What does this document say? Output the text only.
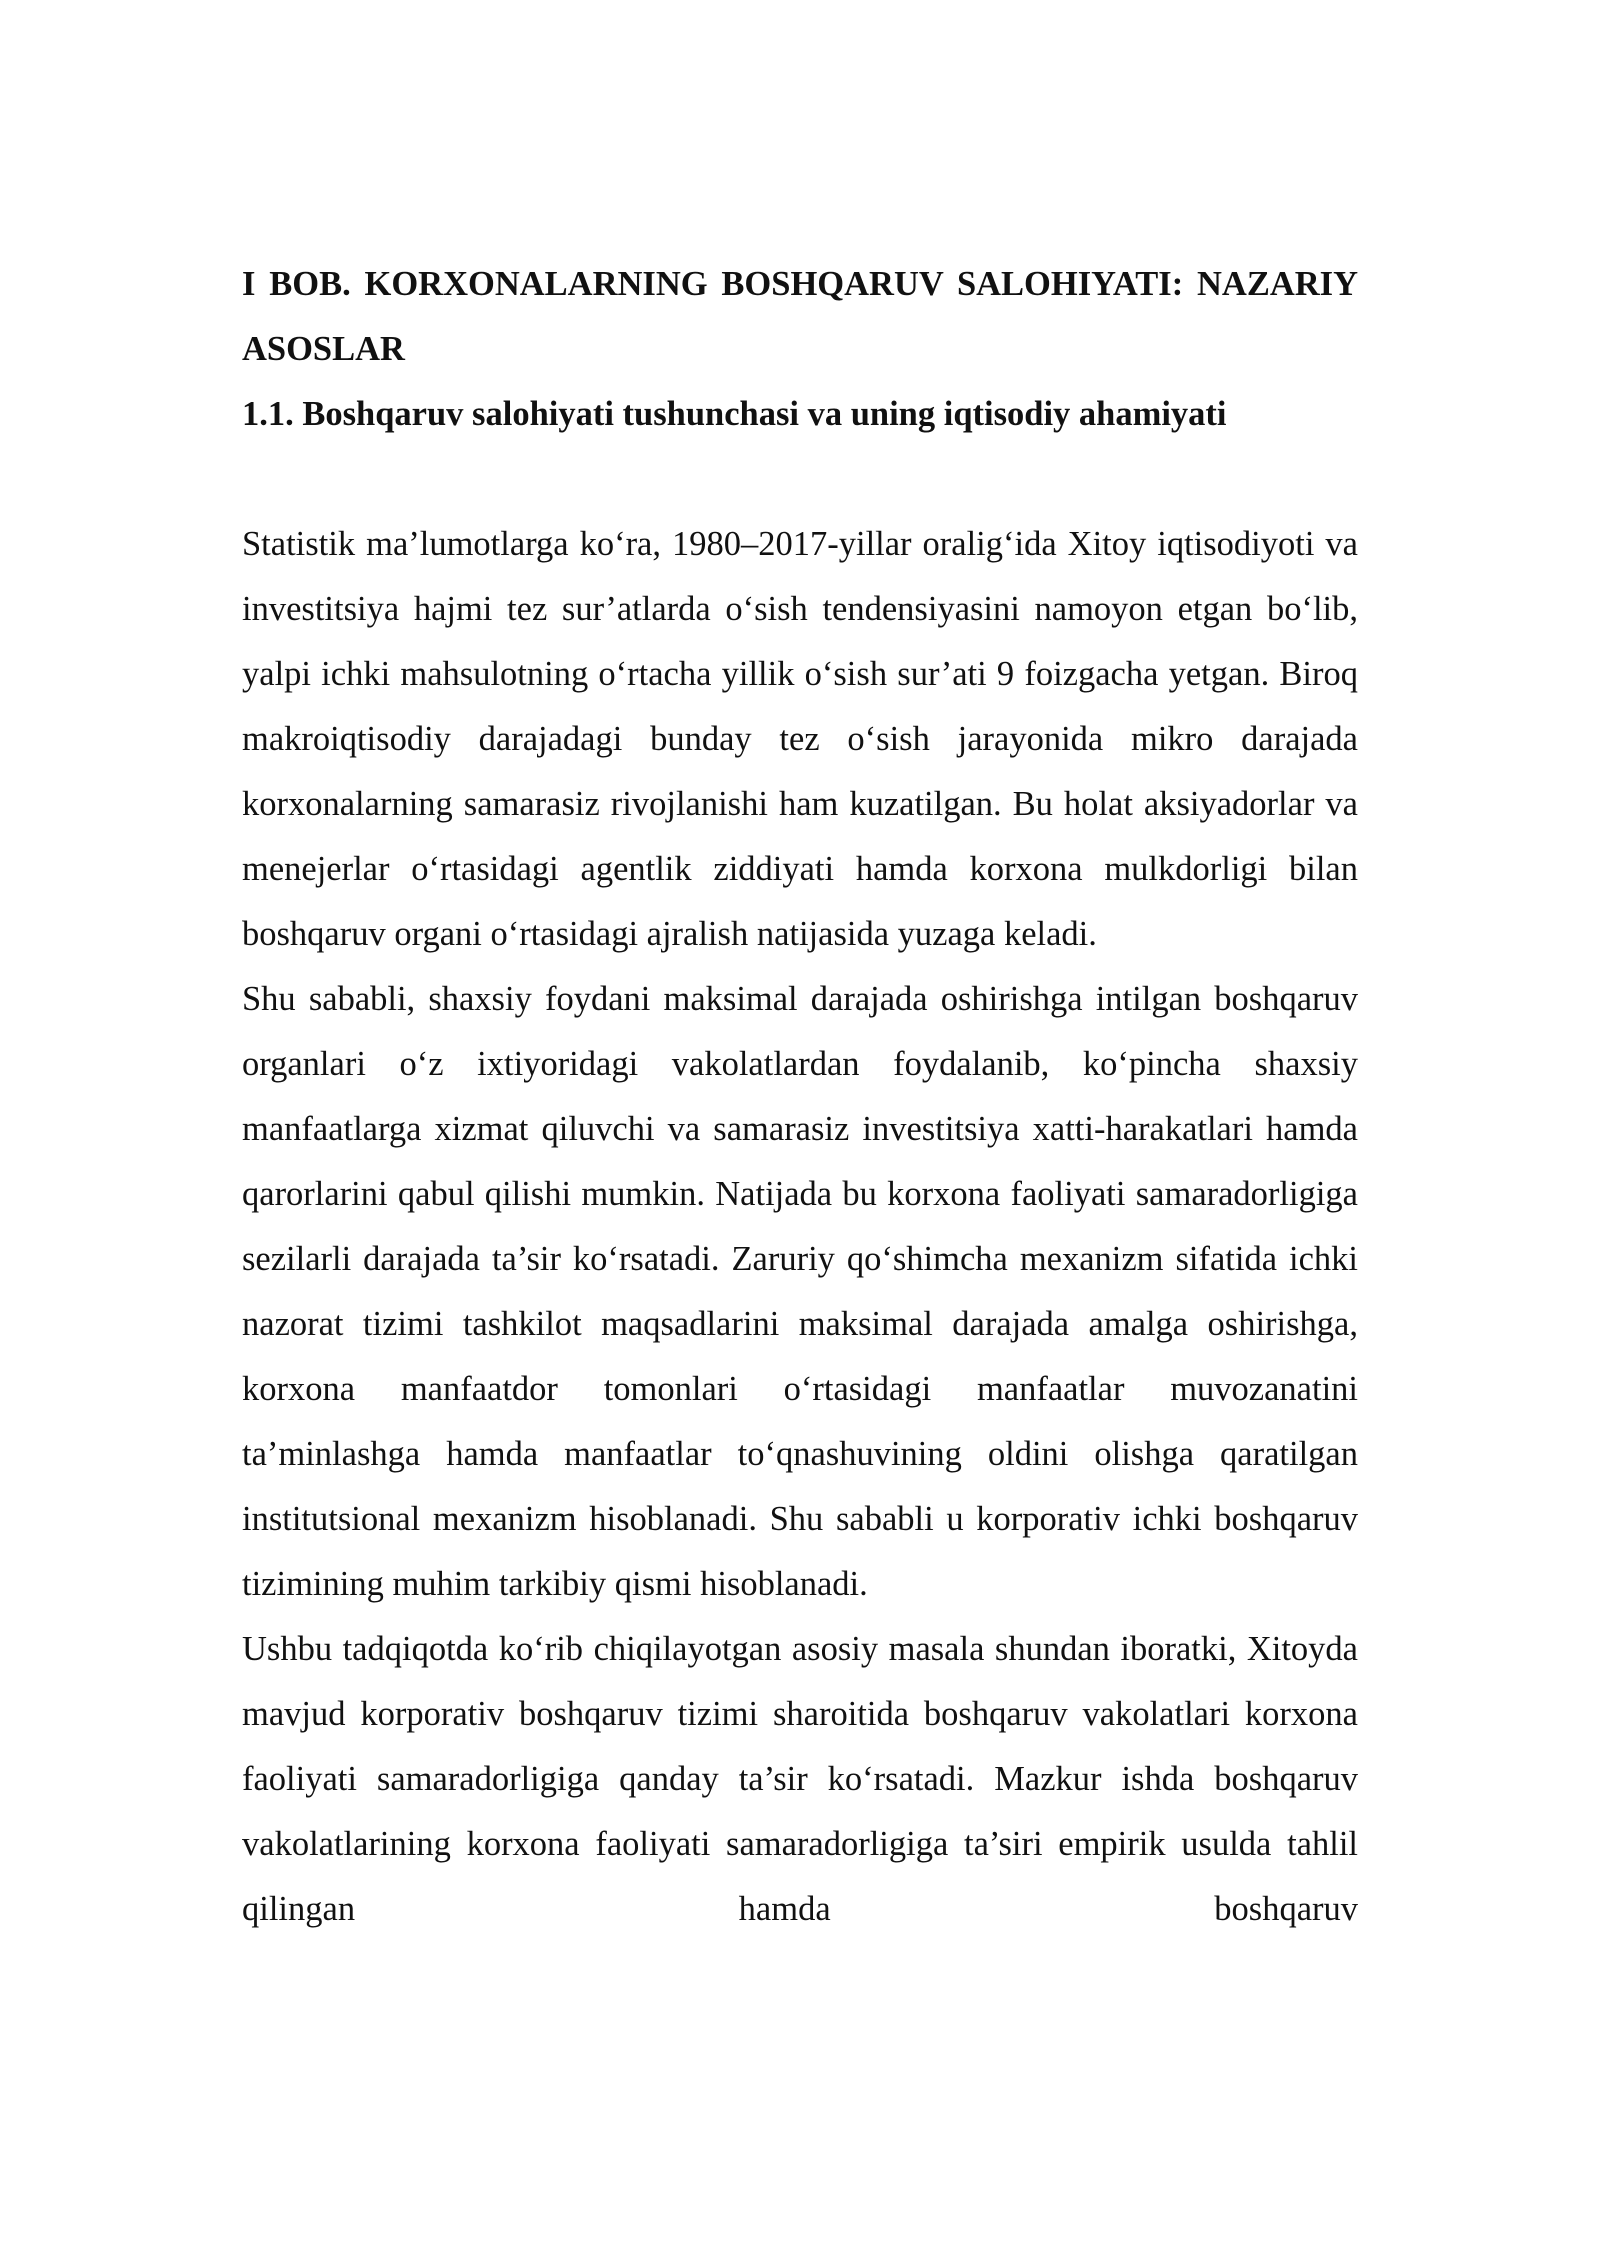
I BOB. KORXONALARNING BOSHQARUV SALOHIYATI: NAZARIY ASOSLAR
1.1. Boshqaruv salohiyati tushunchasi va uning iqtisodiy ahamiyati

Statistik ma’lumotlarga ko‘ra, 1980–2017-yillar oralig‘ida Xitoy iqtisodiyoti va investitsiya hajmi tez sur’atlarda o‘sish tendensiyasini namoyon etgan bo‘lib, yalpi ichki mahsulotning o‘rtacha yillik o‘sish sur’ati 9 foizgacha yetgan. Biroq makroiqtisodiy darajadagi bunday tez o‘sish jarayonida mikro darajada korxonalarning samarasiz rivojlanishi ham kuzatilgan. Bu holat aksiyadorlar va menejerlar o‘rtasidagi agentlik ziddiyati hamda korxona mulkdorligi bilan boshqaruv organi o‘rtasidagi ajralish natijasida yuzaga keladi.

Shu sababli, shaxsiy foydani maksimal darajada oshirishga intilgan boshqaruv organlari o‘z ixtiyoridagi vakolatlardan foydalanib, ko‘pincha shaxsiy manfaatlarga xizmat qiluvchi va samarasiz investitsiya xatti-harakatlari hamda qarorlarini qabul qilishi mumkin. Natijada bu korxona faoliyati samaradorligiga sezilarli darajada ta’sir ko‘rsatadi. Zaruriy qo‘shimcha mexanizm sifatida ichki nazorat tizimi tashkilot maqsadlarini maksimal darajada amalga oshirishga, korxona manfaatdor tomonlari o‘rtasidagi manfaatlar muvozanatini ta’minlashga hamda manfaatlar to‘qnashuvining oldini olishga qaratilgan institutsional mexanizm hisoblanadi. Shu sababli u korporativ ichki boshqaruv tizimining muhim tarkibiy qismi hisoblanadi.

Ushbu tadqiqotda ko‘rib chiqilayotgan asosiy masala shundan iboratki, Xitoyda mavjud korporativ boshqaruv tizimi sharoitida boshqaruv vakolatlari korxona faoliyati samaradorligiga qanday ta’sir ko‘rsatadi. Mazkur ishda boshqaruv vakolatlarining korxona faoliyati samaradorligiga ta’siri empirik usulda tahlil qilingan hamda boshqaruv
